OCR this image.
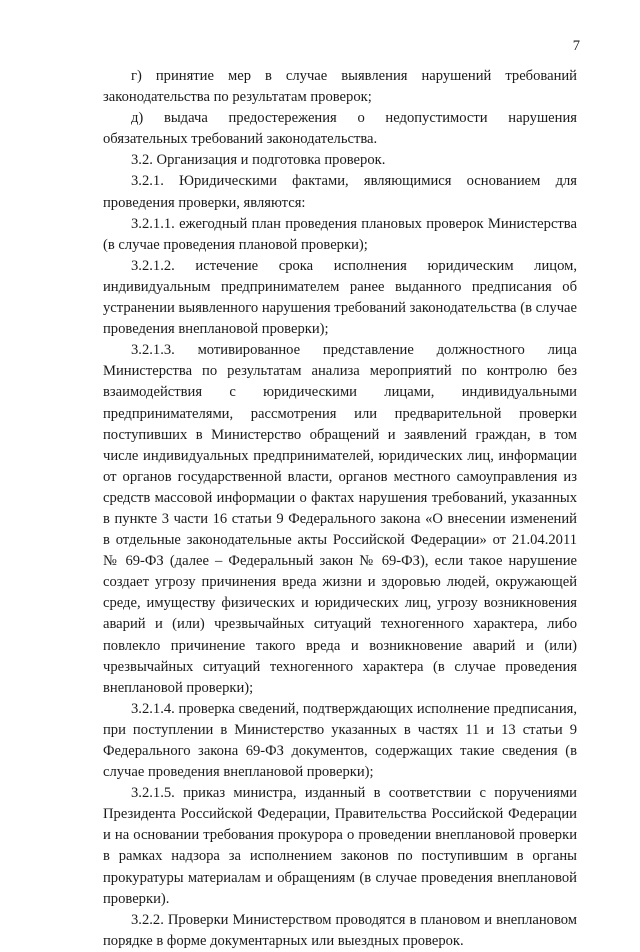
7

г) принятие мер в случае выявления нарушений требований законодательства по результатам проверок;

д) выдача предостережения о недопустимости нарушения обязательных требований законодательства.

3.2. Организация и подготовка проверок.

3.2.1. Юридическими фактами, являющимися основанием для проведения проверки, являются:

3.2.1.1. ежегодный план проведения плановых проверок Министерства (в случае проведения плановой проверки);

3.2.1.2. истечение срока исполнения юридическим лицом, индивидуальным предпринимателем ранее выданного предписания об устранении выявленного нарушения требований законодательства (в случае проведения внеплановой проверки);

3.2.1.3. мотивированное представление должностного лица Министерства по результатам анализа мероприятий по контролю без взаимодействия с юридическими лицами, индивидуальными предпринимателями, рассмотрения или предварительной проверки поступивших в Министерство обращений и заявлений граждан, в том числе индивидуальных предпринимателей, юридических лиц, информации от органов государственной власти, органов местного самоуправления из средств массовой информации о фактах нарушения требований, указанных в пункте 3 части 16 статьи 9 Федерального закона «О внесении изменений в отдельные законодательные акты Российской Федерации» от 21.04.2011 № 69-ФЗ (далее – Федеральный закон № 69-ФЗ), если такое нарушение создает угрозу причинения вреда жизни и здоровью людей, окружающей среде, имуществу физических и юридических лиц, угрозу возникновения аварий и (или) чрезвычайных ситуаций техногенного характера, либо повлекло причинение такого вреда и возникновение аварий и (или) чрезвычайных ситуаций техногенного характера (в случае проведения внеплановой проверки);

3.2.1.4. проверка сведений, подтверждающих исполнение предписания, при поступлении в Министерство указанных в частях 11 и 13 статьи 9 Федерального закона 69-ФЗ документов, содержащих такие сведения (в случае проведения внеплановой проверки);

3.2.1.5. приказ министра, изданный в соответствии с поручениями Президента Российской Федерации, Правительства Российской Федерации и на основании требования прокурора о проведении внеплановой проверки в рамках надзора за исполнением законов по поступившим в органы прокуратуры материалам и обращениям (в случае проведения внеплановой проверки).

3.2.2. Проверки Министерством проводятся в плановом и внеплановом порядке в форме документарных или выездных проверок.
